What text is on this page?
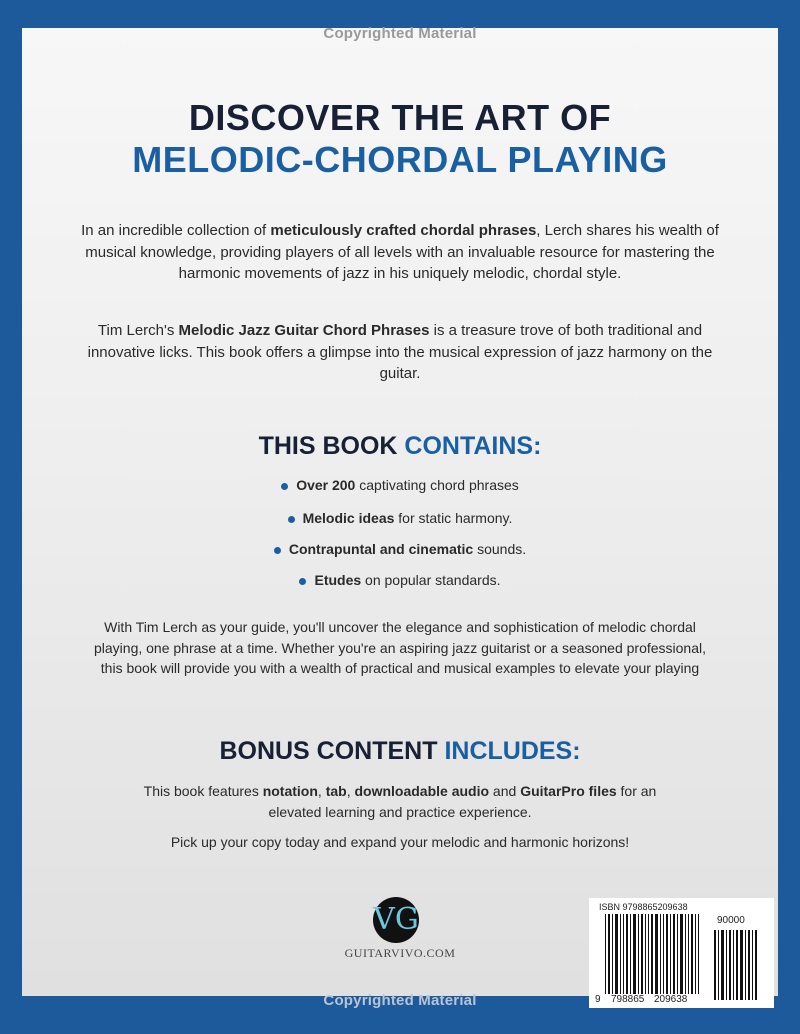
Copyrighted Material
DISCOVER THE ART OF
MELODIC-CHORDAL PLAYING
In an incredible collection of meticulously crafted chordal phrases, Lerch shares his wealth of musical knowledge, providing players of all levels with an invaluable resource for mastering the harmonic movements of jazz in his uniquely melodic, chordal style.
Tim Lerch's Melodic Jazz Guitar Chord Phrases is a treasure trove of both traditional and innovative licks. This book offers a glimpse into the musical expression of jazz harmony on the guitar.
THIS BOOK CONTAINS:
Over 200 captivating chord phrases
Melodic ideas for static harmony.
Contrapuntal and cinematic sounds.
Etudes on popular standards.
With Tim Lerch as your guide, you'll uncover the elegance and sophistication of melodic chordal playing, one phrase at a time. Whether you're an aspiring jazz guitarist or a seasoned professional, this book will provide you with a wealth of practical and musical examples to elevate your playing
BONUS CONTENT INCLUDES:
This book features notation, tab, downloadable audio and GuitarPro files for an elevated learning and practice experience.
Pick up your copy today and expand your melodic and harmonic horizons!
VG
GUITARVIVO.COM
ISBN 9798865209638
90000
9 798865 209638
Copyrighted Material
